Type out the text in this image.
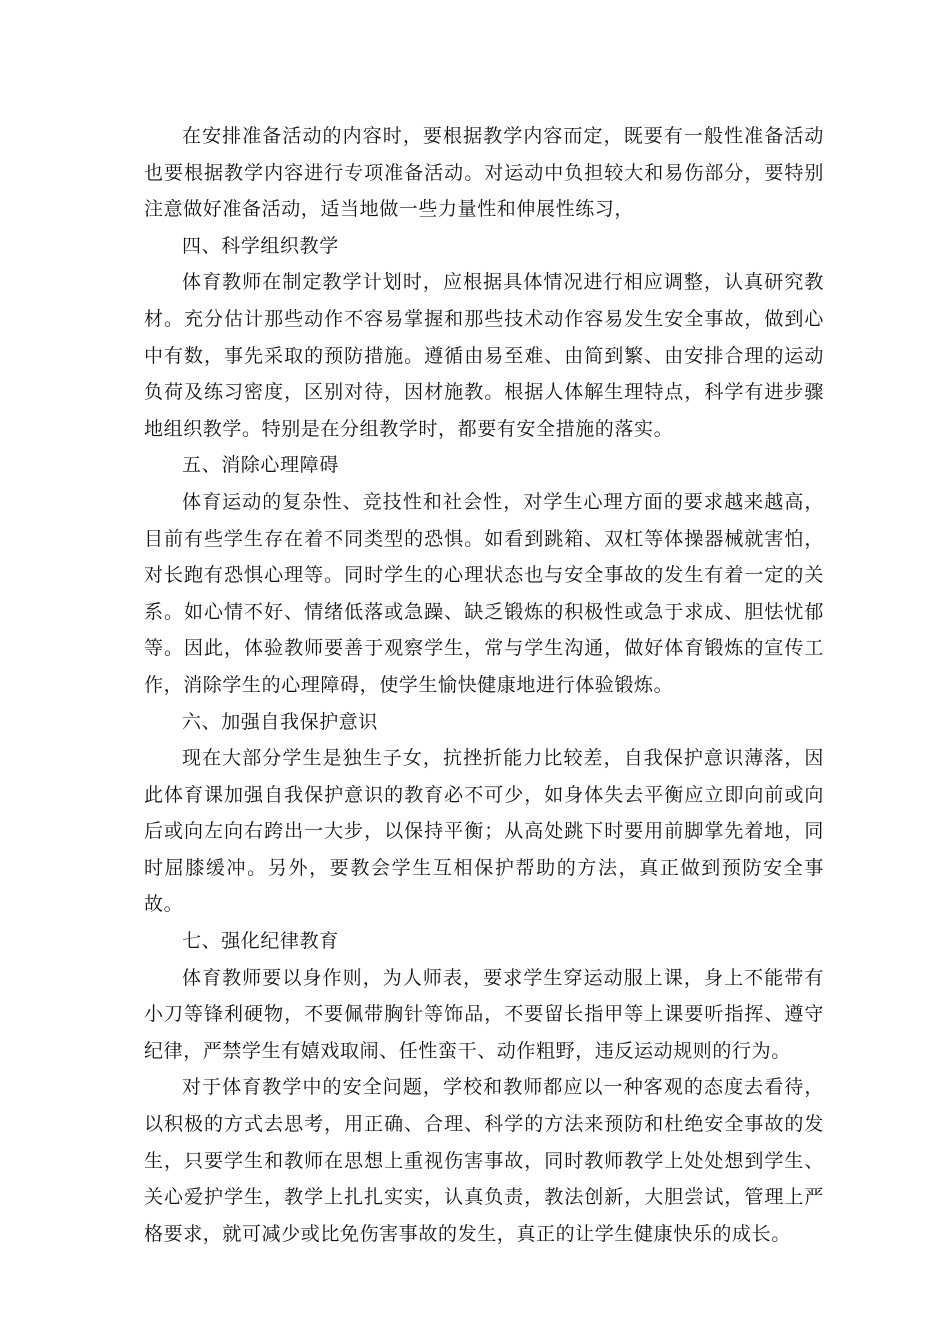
在安排准备活动的内容时，要根据教学内容而定，既要有一般性准备活动也要根据教学内容进行专项准备活动。对运动中负担较大和易伤部分，要特别注意做好准备活动，适当地做一些力量性和伸展性练习，

四、科学组织教学

体育教师在制定教学计划时，应根据具体情况进行相应调整，认真研究教材。充分估计那些动作不容易掌握和那些技术动作容易发生安全事故，做到心中有数，事先采取的预防措施。遵循由易至难、由简到繁、由安排合理的运动负荷及练习密度，区别对待，因材施教。根据人体解生理特点，科学有进步骤地组织教学。特别是在分组教学时，都要有安全措施的落实。

五、消除心理障碍

体育运动的复杂性、竞技性和社会性，对学生心理方面的要求越来越高，目前有些学生存在着不同类型的恐惧。如看到跳箱、双杠等体操器械就害怕，对长跑有恐惧心理等。同时学生的心理状态也与安全事故的发生有着一定的关系。如心情不好、情绪低落或急躁、缺乏锻炼的积极性或急于求成、胆怯忧郁等。因此，体验教师要善于观察学生，常与学生沟通，做好体育锻炼的宣传工作，消除学生的心理障碍，使学生愉快健康地进行体验锻炼。

六、加强自我保护意识

现在大部分学生是独生子女，抗挫折能力比较差，自我保护意识薄落，因此体育课加强自我保护意识的教育必不可少，如身体失去平衡应立即向前或向后或向左向右跨出一大步，以保持平衡；从高处跳下时要用前脚掌先着地，同时屈膝缓冲。另外，要教会学生互相保护帮助的方法，真正做到预防安全事故。

七、强化纪律教育

体育教师要以身作则，为人师表，要求学生穿运动服上课，身上不能带有小刀等锋利硬物，不要佩带胸针等饰品，不要留长指甲等上课要听指挥、遵守纪律，严禁学生有嬉戏取闹、任性蛮干、动作粗野，违反运动规则的行为。

对于体育教学中的安全问题，学校和教师都应以一种客观的态度去看待，以积极的方式去思考，用正确、合理、科学的方法来预防和杜绝安全事故的发生，只要学生和教师在思想上重视伤害事故，同时教师教学上处处想到学生、关心爱护学生，教学上扎扎实实，认真负责，教法创新，大胆尝试，管理上严格要求，就可减少或比免伤害事故的发生，真正的让学生健康快乐的成长。
